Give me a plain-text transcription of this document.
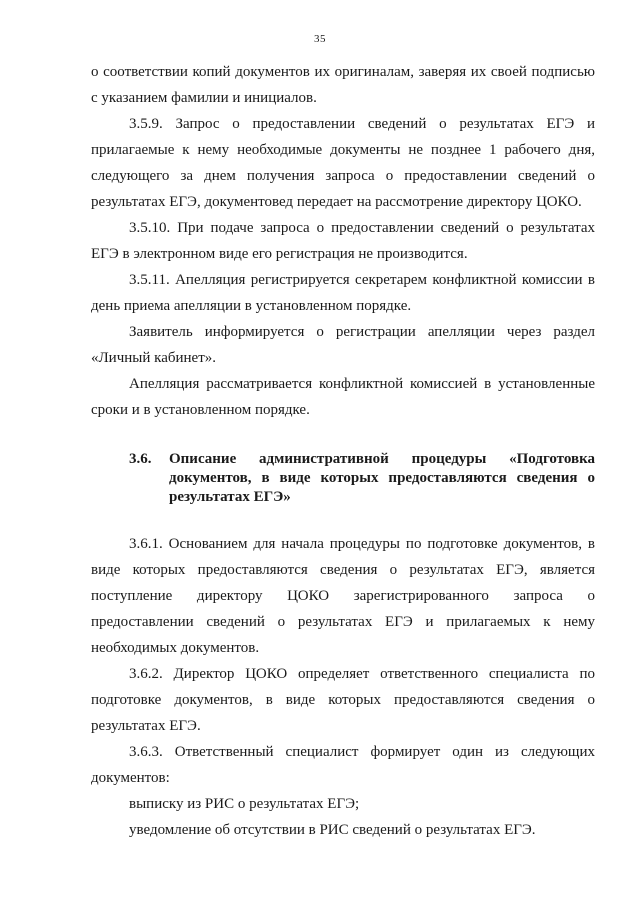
35

о соответствии копий документов их оригиналам, заверяя их своей подписью с указанием фамилии и инициалов.

3.5.9. Запрос о предоставлении сведений о результатах ЕГЭ и прилагаемые к нему необходимые документы не позднее 1 рабочего дня, следующего за днем получения запроса о предоставлении сведений о результатах ЕГЭ, документовед передает на рассмотрение директору ЦОКО.

3.5.10. При подаче запроса о предоставлении сведений о результатах ЕГЭ в электронном виде его регистрация не производится.

3.5.11. Апелляция регистрируется секретарем конфликтной комиссии в день приема апелляции в установленном порядке.

Заявитель информируется о регистрации апелляции через раздел «Личный кабинет».

Апелляция рассматривается конфликтной комиссией в установленные сроки и в установленном порядке.

3.6.	Описание административной процедуры «Подготовка документов, в виде которых предоставляются сведения о результатах ЕГЭ»

3.6.1. Основанием для начала процедуры по подготовке документов, в виде которых предоставляются сведения о результатах ЕГЭ, является поступление директору ЦОКО зарегистрированного запроса о предоставлении сведений о результатах ЕГЭ и прилагаемых к нему необходимых документов.

3.6.2. Директор ЦОКО определяет ответственного специалиста по подготовке документов, в виде которых предоставляются сведения о результатах ЕГЭ.

3.6.3. Ответственный специалист формирует один из следующих документов:

выписку из РИС о результатах ЕГЭ;

уведомление об отсутствии в РИС сведений о результатах ЕГЭ.
